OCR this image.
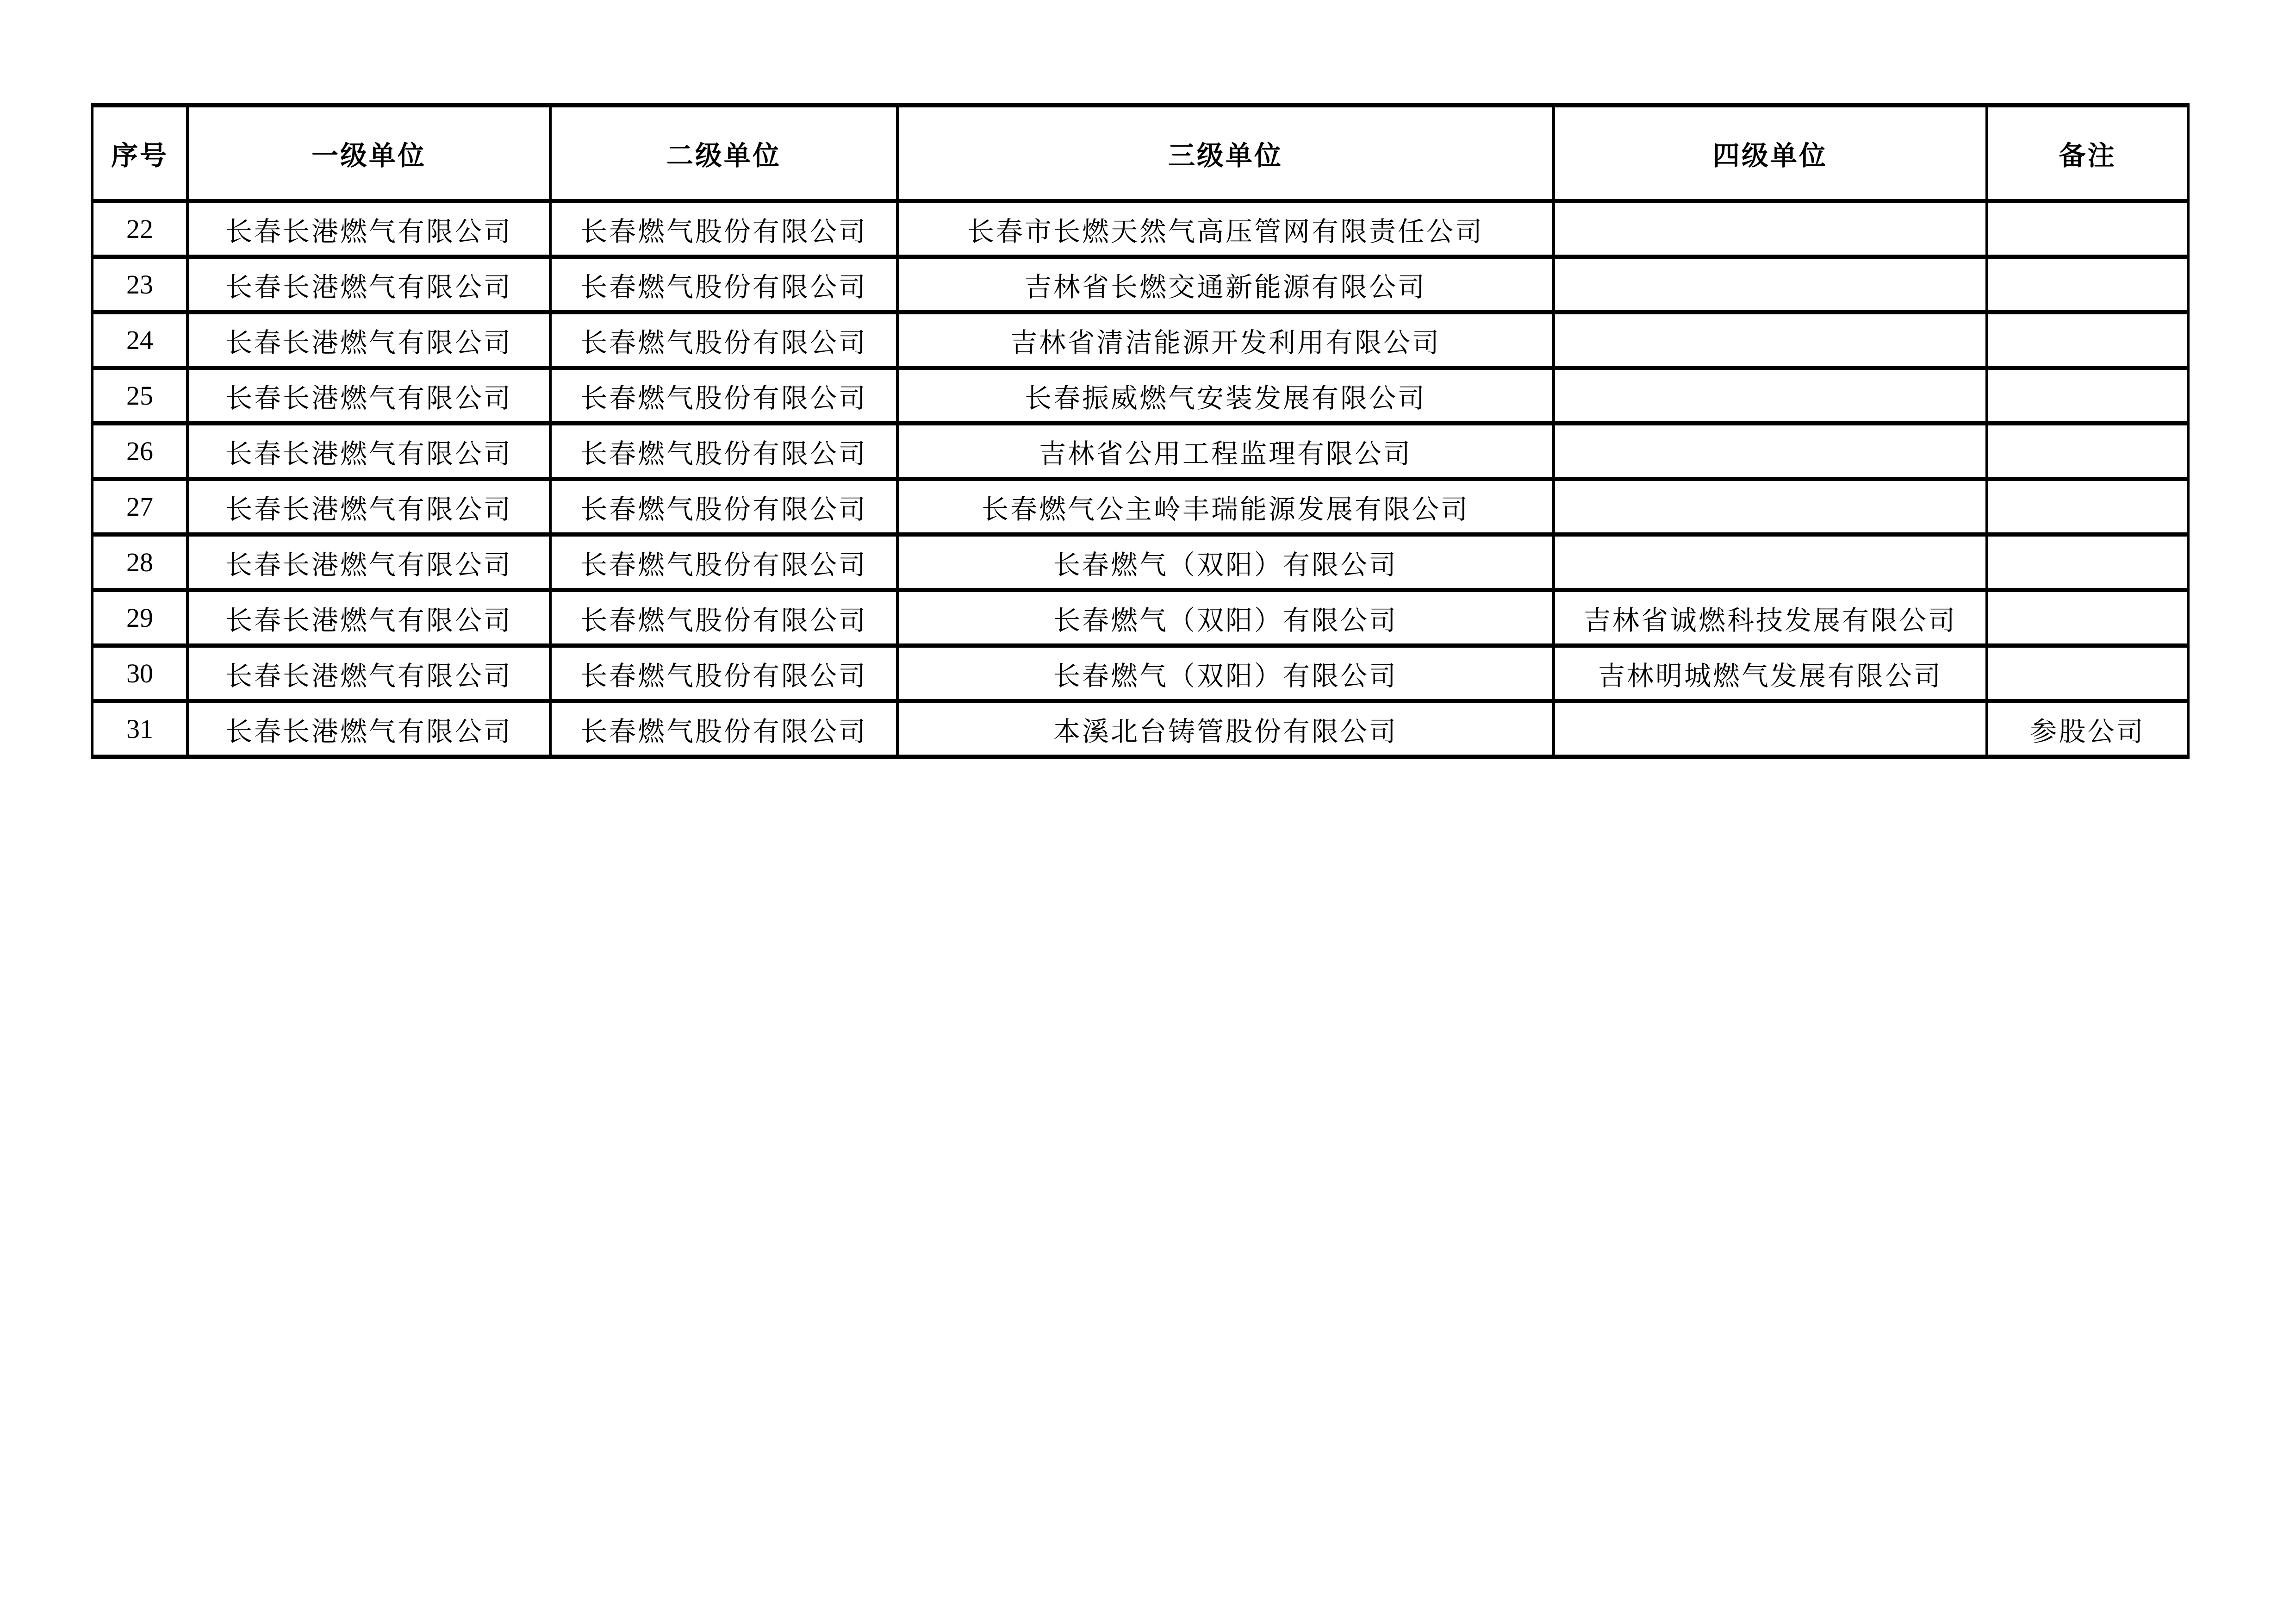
序号	一级单位	二级单位	三级单位	四级单位	备注
22	长春长港燃气有限公司	长春燃气股份有限公司	长春市长燃天然气高压管网有限责任公司		
23	长春长港燃气有限公司	长春燃气股份有限公司	吉林省长燃交通新能源有限公司		
24	长春长港燃气有限公司	长春燃气股份有限公司	吉林省清洁能源开发利用有限公司		
25	长春长港燃气有限公司	长春燃气股份有限公司	长春振威燃气安装发展有限公司		
26	长春长港燃气有限公司	长春燃气股份有限公司	吉林省公用工程监理有限公司		
27	长春长港燃气有限公司	长春燃气股份有限公司	长春燃气公主岭丰瑞能源发展有限公司		
28	长春长港燃气有限公司	长春燃气股份有限公司	长春燃气（双阳）有限公司		
29	长春长港燃气有限公司	长春燃气股份有限公司	长春燃气（双阳）有限公司	吉林省诚燃科技发展有限公司	
30	长春长港燃气有限公司	长春燃气股份有限公司	长春燃气（双阳）有限公司	吉林明城燃气发展有限公司	
31	长春长港燃气有限公司	长春燃气股份有限公司	本溪北台铸管股份有限公司		参股公司
